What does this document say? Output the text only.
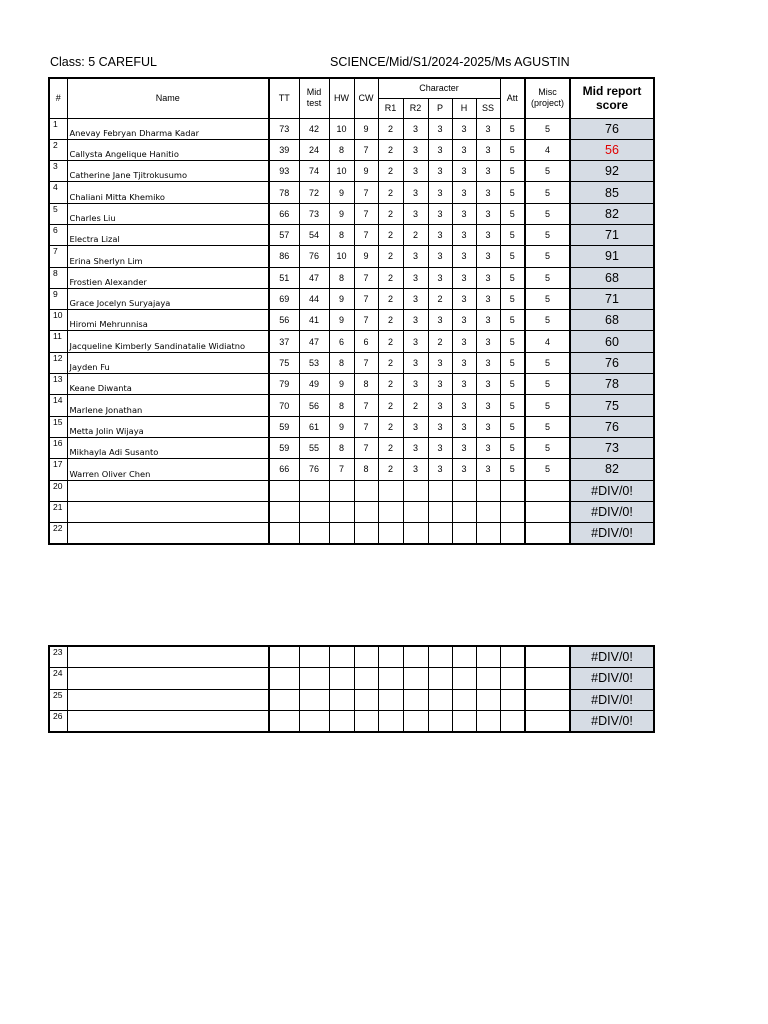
Class: 5 CAREFUL	SCIENCE/Mid/S1/2024-2025/Ms AGUSTIN
#	Name	TT	Mid test	HW	CW	Character					Att	Misc (project)	Mid report score
						R1	R2	P	H	SS			
1	Anevay Febryan Dharma Kadar	73	42	10	9	2	3	3	3	3	5	5	76
2	Callysta Angelique Hanitio	39	24	8	7	2	3	3	3	3	5	4	56
3	Catherine Jane Tjitrokusumo	93	74	10	9	2	3	3	3	3	5	5	92
4	Chaliani Mitta Khemiko	78	72	9	7	2	3	3	3	3	5	5	85
5	Charles Liu	66	73	9	7	2	3	3	3	3	5	5	82
6	Electra Lizal	57	54	8	7	2	2	3	3	3	5	5	71
7	Erina Sherlyn Lim	86	76	10	9	2	3	3	3	3	5	5	91
8	Frostien Alexander	51	47	8	7	2	3	3	3	3	5	5	68
9	Grace Jocelyn Suryajaya	69	44	9	7	2	3	2	3	3	5	5	71
10	Hiromi Mehrunnisa	56	41	9	7	2	3	3	3	3	5	5	68
11	Jacqueline Kimberly Sandinatalie Widiatno	37	47	6	6	2	3	2	3	3	5	4	60
12	Jayden Fu	75	53	8	7	2	3	3	3	3	5	5	76
13	Keane Diwanta	79	49	9	8	2	3	3	3	3	5	5	78
14	Marlene Jonathan	70	56	8	7	2	2	3	3	3	5	5	75
15	Metta Jolin Wijaya	59	61	9	7	2	3	3	3	3	5	5	76
16	Mikhayla Adi Susanto	59	55	8	7	2	3	3	3	3	5	5	73
17	Warren Oliver Chen	66	76	7	8	2	3	3	3	3	5	5	82
20													#DIV/0!
21													#DIV/0!
22													#DIV/0!
23													#DIV/0!
24													#DIV/0!
25													#DIV/0!
26													#DIV/0!
